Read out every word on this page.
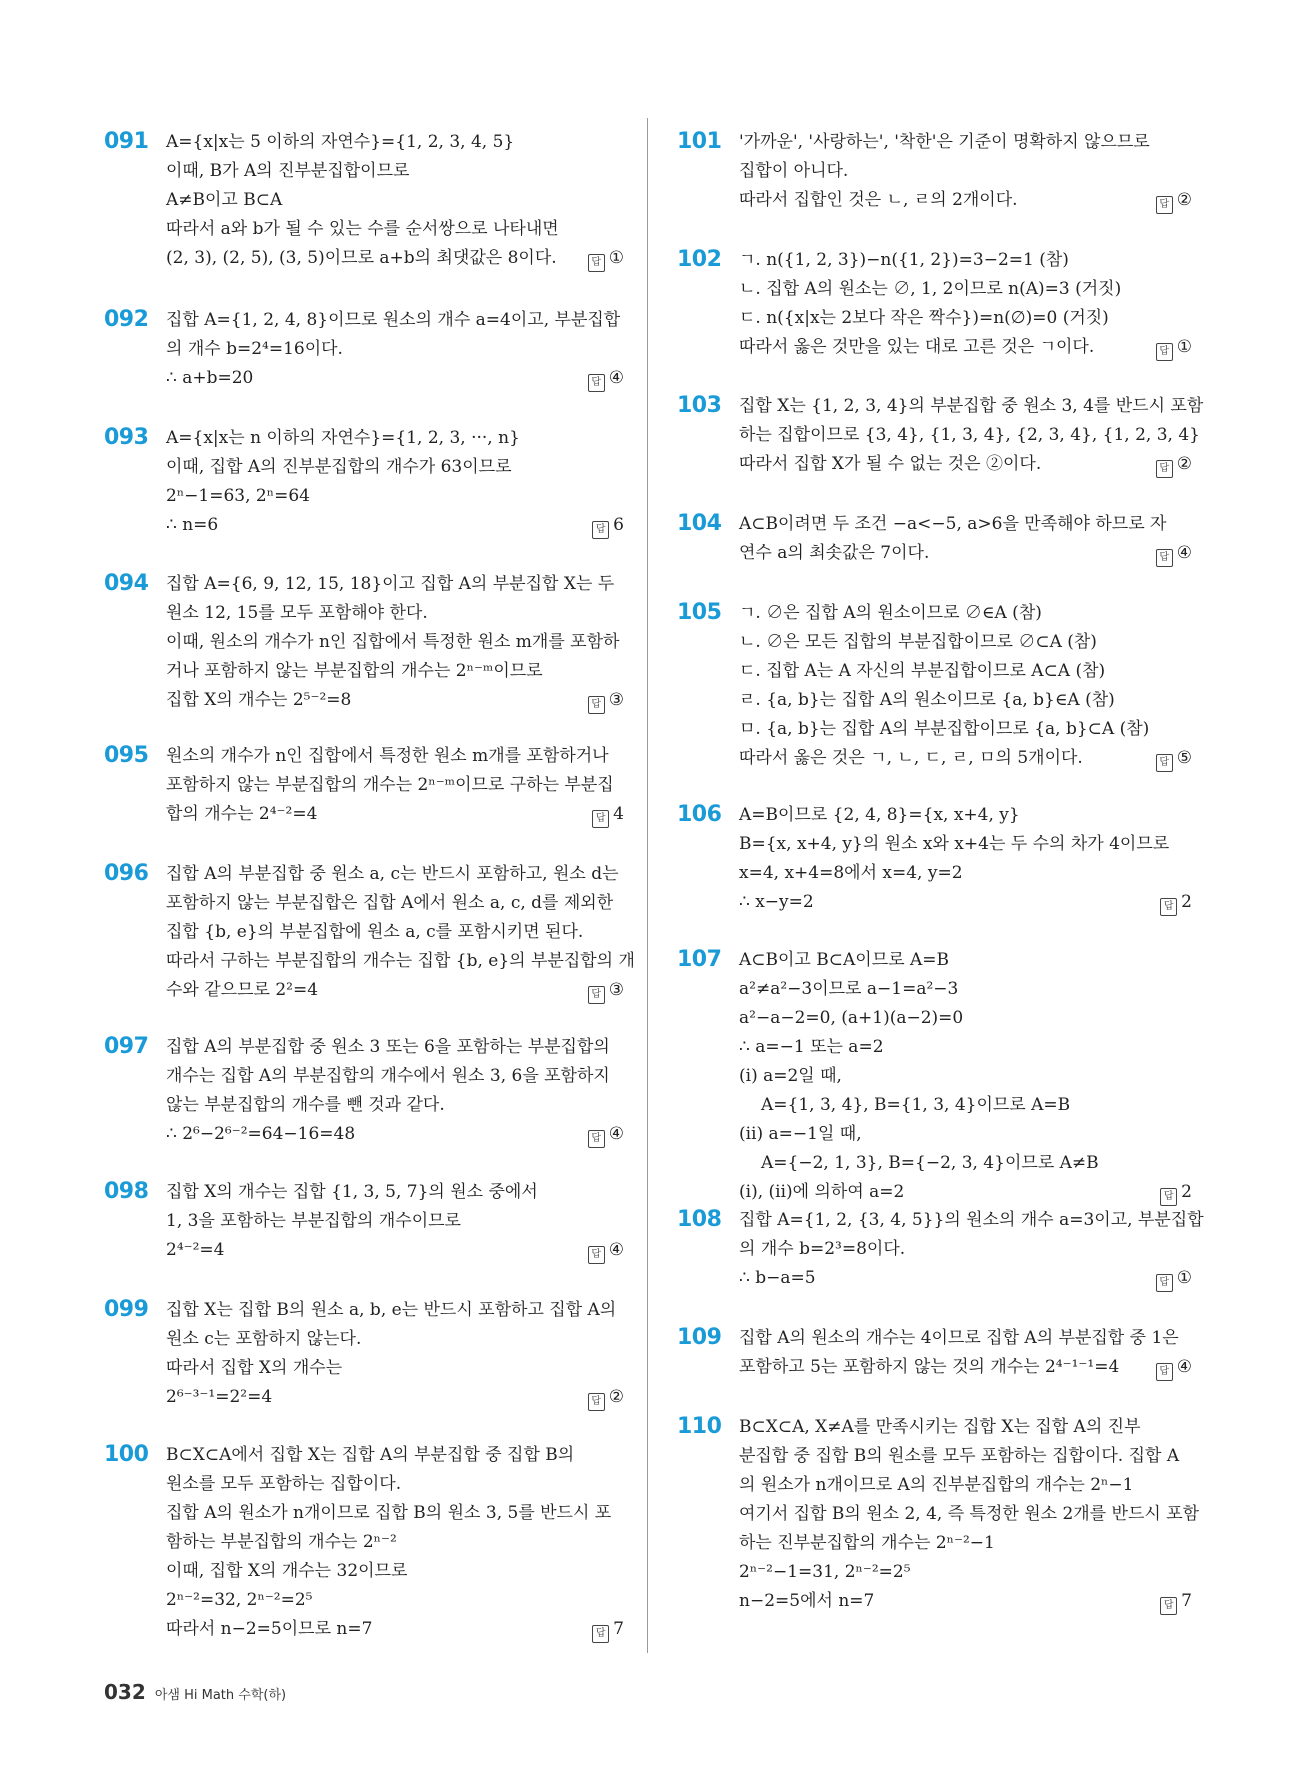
091 A={x|x는 5 이하의 자연수}={1, 2, 3, 4, 5}
이때, B가 A의 진부분집합이므로
A≠B이고 B⊂A
따라서 a와 b가 될 수 있는 수를 순서쌍으로 나타내면
(2, 3), (2, 5), (3, 5)이므로 a+b의 최댓값은 8이다.	답 ①
092 집합 A={1, 2, 4, 8}이므로 원소의 개수 a=4이고, 부분집합
의 개수 b=2⁴=16이다.
∴ a+b=20	답 ④
093 A={x|x는 n 이하의 자연수}={1, 2, 3, ···, n}
이때, 집합 A의 진부분집합의 개수가 63이므로
2ⁿ−1=63, 2ⁿ=64
∴ n=6	답 6
094 집합 A={6, 9, 12, 15, 18}이고 집합 A의 부분집합 X는 두
원소 12, 15를 모두 포함해야 한다.
이때, 원소의 개수가 n인 집합에서 특정한 원소 m개를 포함하
거나 포함하지 않는 부분집합의 개수는 2ⁿ⁻ᵐ이므로
집합 X의 개수는 2⁵⁻²=8	답 ③
095 원소의 개수가 n인 집합에서 특정한 원소 m개를 포함하거나
포함하지 않는 부분집합의 개수는 2ⁿ⁻ᵐ이므로 구하는 부분집
합의 개수는 2⁴⁻²=4	답 4
096 집합 A의 부분집합 중 원소 a, c는 반드시 포함하고, 원소 d는
포함하지 않는 부분집합은 집합 A에서 원소 a, c, d를 제외한
집합 {b, e}의 부분집합에 원소 a, c를 포함시키면 된다.
따라서 구하는 부분집합의 개수는 집합 {b, e}의 부분집합의 개
수와 같으므로 2²=4	답 ③
097 집합 A의 부분집합 중 원소 3 또는 6을 포함하는 부분집합의
개수는 집합 A의 부분집합의 개수에서 원소 3, 6을 포함하지
않는 부분집합의 개수를 뺀 것과 같다.
∴ 2⁶−2⁶⁻²=64−16=48	답 ④
098 집합 X의 개수는 집합 {1, 3, 5, 7}의 원소 중에서
1, 3을 포함하는 부분집합의 개수이므로
2⁴⁻²=4	답 ④
099 집합 X는 집합 B의 원소 a, b, e는 반드시 포함하고 집합 A의
원소 c는 포함하지 않는다.
따라서 집합 X의 개수는
2⁶⁻³⁻¹=2²=4	답 ②
100 B⊂X⊂A에서 집합 X는 집합 A의 부분집합 중 집합 B의
원소를 모두 포함하는 집합이다.
집합 A의 원소가 n개이므로 집합 B의 원소 3, 5를 반드시 포
함하는 부분집합의 개수는 2ⁿ⁻²
이때, 집합 X의 개수는 32이므로
2ⁿ⁻²=32, 2ⁿ⁻²=2⁵
따라서 n−2=5이므로 n=7	답 7
101 '가까운', '사랑하는', '착한'은 기준이 명확하지 않으므로
집합이 아니다.
따라서 집합인 것은 ㄴ, ㄹ의 2개이다.	답 ②
102 ㄱ. n({1, 2, 3})−n({1, 2})=3−2=1 (참)
ㄴ. 집합 A의 원소는 ∅, 1, 2이므로 n(A)=3 (거짓)
ㄷ. n({x|x는 2보다 작은 짝수})=n(∅)=0 (거짓)
따라서 옳은 것만을 있는 대로 고른 것은 ㄱ이다.	답 ①
103 집합 X는 {1, 2, 3, 4}의 부분집합 중 원소 3, 4를 반드시 포함
하는 집합이므로 {3, 4}, {1, 3, 4}, {2, 3, 4}, {1, 2, 3, 4}
따라서 집합 X가 될 수 없는 것은 ②이다.	답 ②
104 A⊂B이려면 두 조건 −a<−5, a>6을 만족해야 하므로 자
연수 a의 최솟값은 7이다.	답 ④
105 ㄱ. ∅은 집합 A의 원소이므로 ∅∈A (참)
ㄴ. ∅은 모든 집합의 부분집합이므로 ∅⊂A (참)
ㄷ. 집합 A는 A 자신의 부분집합이므로 A⊂A (참)
ㄹ. {a, b}는 집합 A의 원소이므로 {a, b}∈A (참)
ㅁ. {a, b}는 집합 A의 부분집합이므로 {a, b}⊂A (참)
따라서 옳은 것은 ㄱ, ㄴ, ㄷ, ㄹ, ㅁ의 5개이다.	답 ⑤
106 A=B이므로 {2, 4, 8}={x, x+4, y}
B={x, x+4, y}의 원소 x와 x+4는 두 수의 차가 4이므로
x=4, x+4=8에서 x=4, y=2
∴ x−y=2	답 2
107 A⊂B이고 B⊂A이므로 A=B
a²≠a²−3이므로 a−1=a²−3
a²−a−2=0, (a+1)(a−2)=0
∴ a=−1 또는 a=2
(ⅰ) a=2일 때,
A={1, 3, 4}, B={1, 3, 4}이므로 A=B
(ⅱ) a=−1일 때,
A={−2, 1, 3}, B={−2, 3, 4}이므로 A≠B
(ⅰ), (ⅱ)에 의하여 a=2	답 2
108 집합 A={1, 2, {3, 4, 5}}의 원소의 개수 a=3이고, 부분집합
의 개수 b=2³=8이다.
∴ b−a=5	답 ①
109 집합 A의 원소의 개수는 4이므로 집합 A의 부분집합 중 1은
포함하고 5는 포함하지 않는 것의 개수는 2⁴⁻¹⁻¹=4	답 ④
110 B⊂X⊂A, X≠A를 만족시키는 집합 X는 집합 A의 진부
분집합 중 집합 B의 원소를 모두 포함하는 집합이다. 집합 A
의 원소가 n개이므로 A의 진부분집합의 개수는 2ⁿ−1
여기서 집합 B의 원소 2, 4, 즉 특정한 원소 2개를 반드시 포함
하는 진부분집합의 개수는 2ⁿ⁻²−1
2ⁿ⁻²−1=31, 2ⁿ⁻²=2⁵
n−2=5에서 n=7	답 7
032 아샘 Hi Math 수학(하)
